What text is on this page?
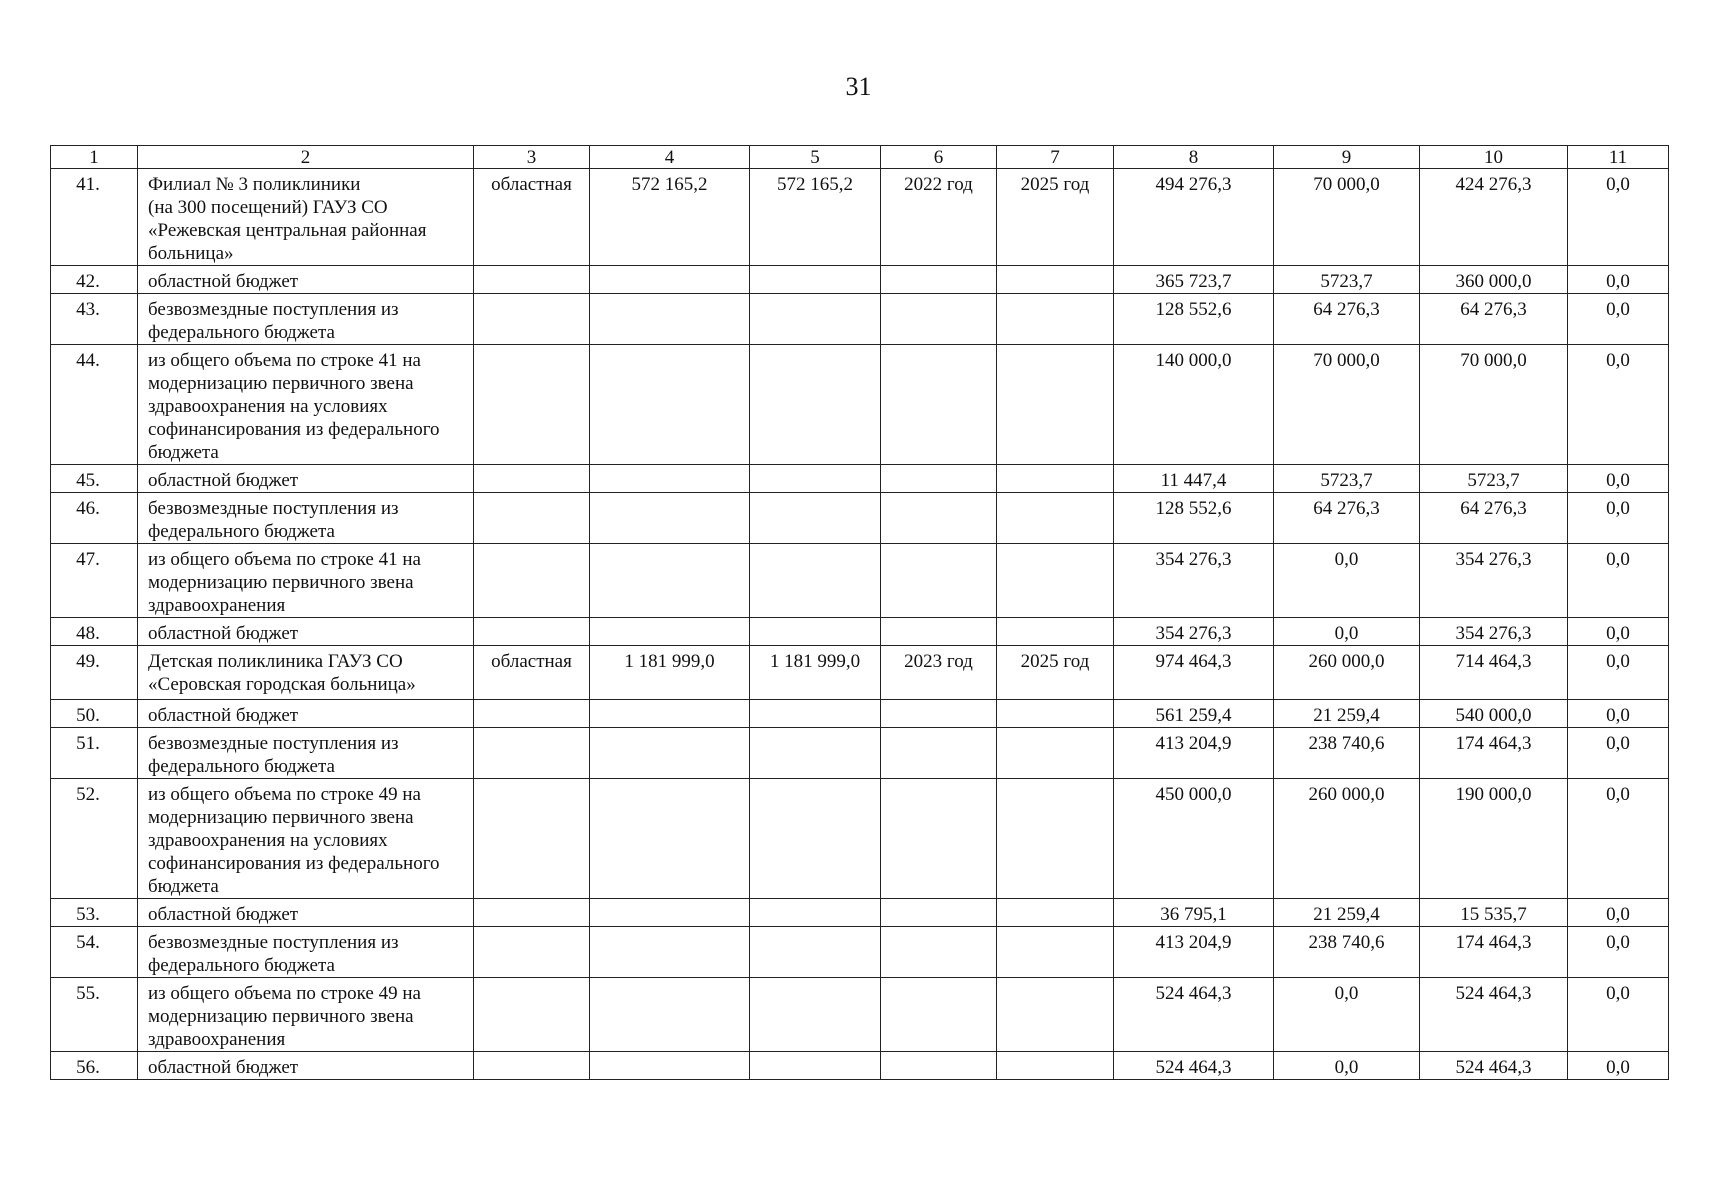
31
1	2	3	4	5	6	7	8	9	10	11
41.	Филиал № 3 поликлиники
(на 300 посещений) ГАУЗ СО
«Режевская центральная районная больница»	областная	572 165,2	572 165,2	2022 год	2025 год	494 276,3	70 000,0	424 276,3	0,0
42.	областной бюджет						365 723,7	5723,7	360 000,0	0,0
43.	безвозмездные поступления из федерального бюджета						128 552,6	64 276,3	64 276,3	0,0
44.	из общего объема по строке 41 на модернизацию первичного звена здравоохранения на условиях софинансирования из федерального бюджета						140 000,0	70 000,0	70 000,0	0,0
45.	областной бюджет						11 447,4	5723,7	5723,7	0,0
46.	безвозмездные поступления из федерального бюджета						128 552,6	64 276,3	64 276,3	0,0
47.	из общего объема по строке 41 на модернизацию первичного звена здравоохранения						354 276,3	0,0	354 276,3	0,0
48.	областной бюджет						354 276,3	0,0	354 276,3	0,0
49.	Детская поликлиника ГАУЗ СО «Серовская городская больница»	областная	1 181 999,0	1 181 999,0	2023 год	2025 год	974 464,3	260 000,0	714 464,3	0,0
50.	областной бюджет						561 259,4	21 259,4	540 000,0	0,0
51.	безвозмездные поступления из федерального бюджета						413 204,9	238 740,6	174 464,3	0,0
52.	из общего объема по строке 49 на модернизацию первичного звена здравоохранения на условиях софинансирования из федерального бюджета						450 000,0	260 000,0	190 000,0	0,0
53.	областной бюджет						36 795,1	21 259,4	15 535,7	0,0
54.	безвозмездные поступления из федерального бюджета						413 204,9	238 740,6	174 464,3	0,0
55.	из общего объема по строке 49 на модернизацию первичного звена здравоохранения						524 464,3	0,0	524 464,3	0,0
56.	областной бюджет						524 464,3	0,0	524 464,3	0,0
